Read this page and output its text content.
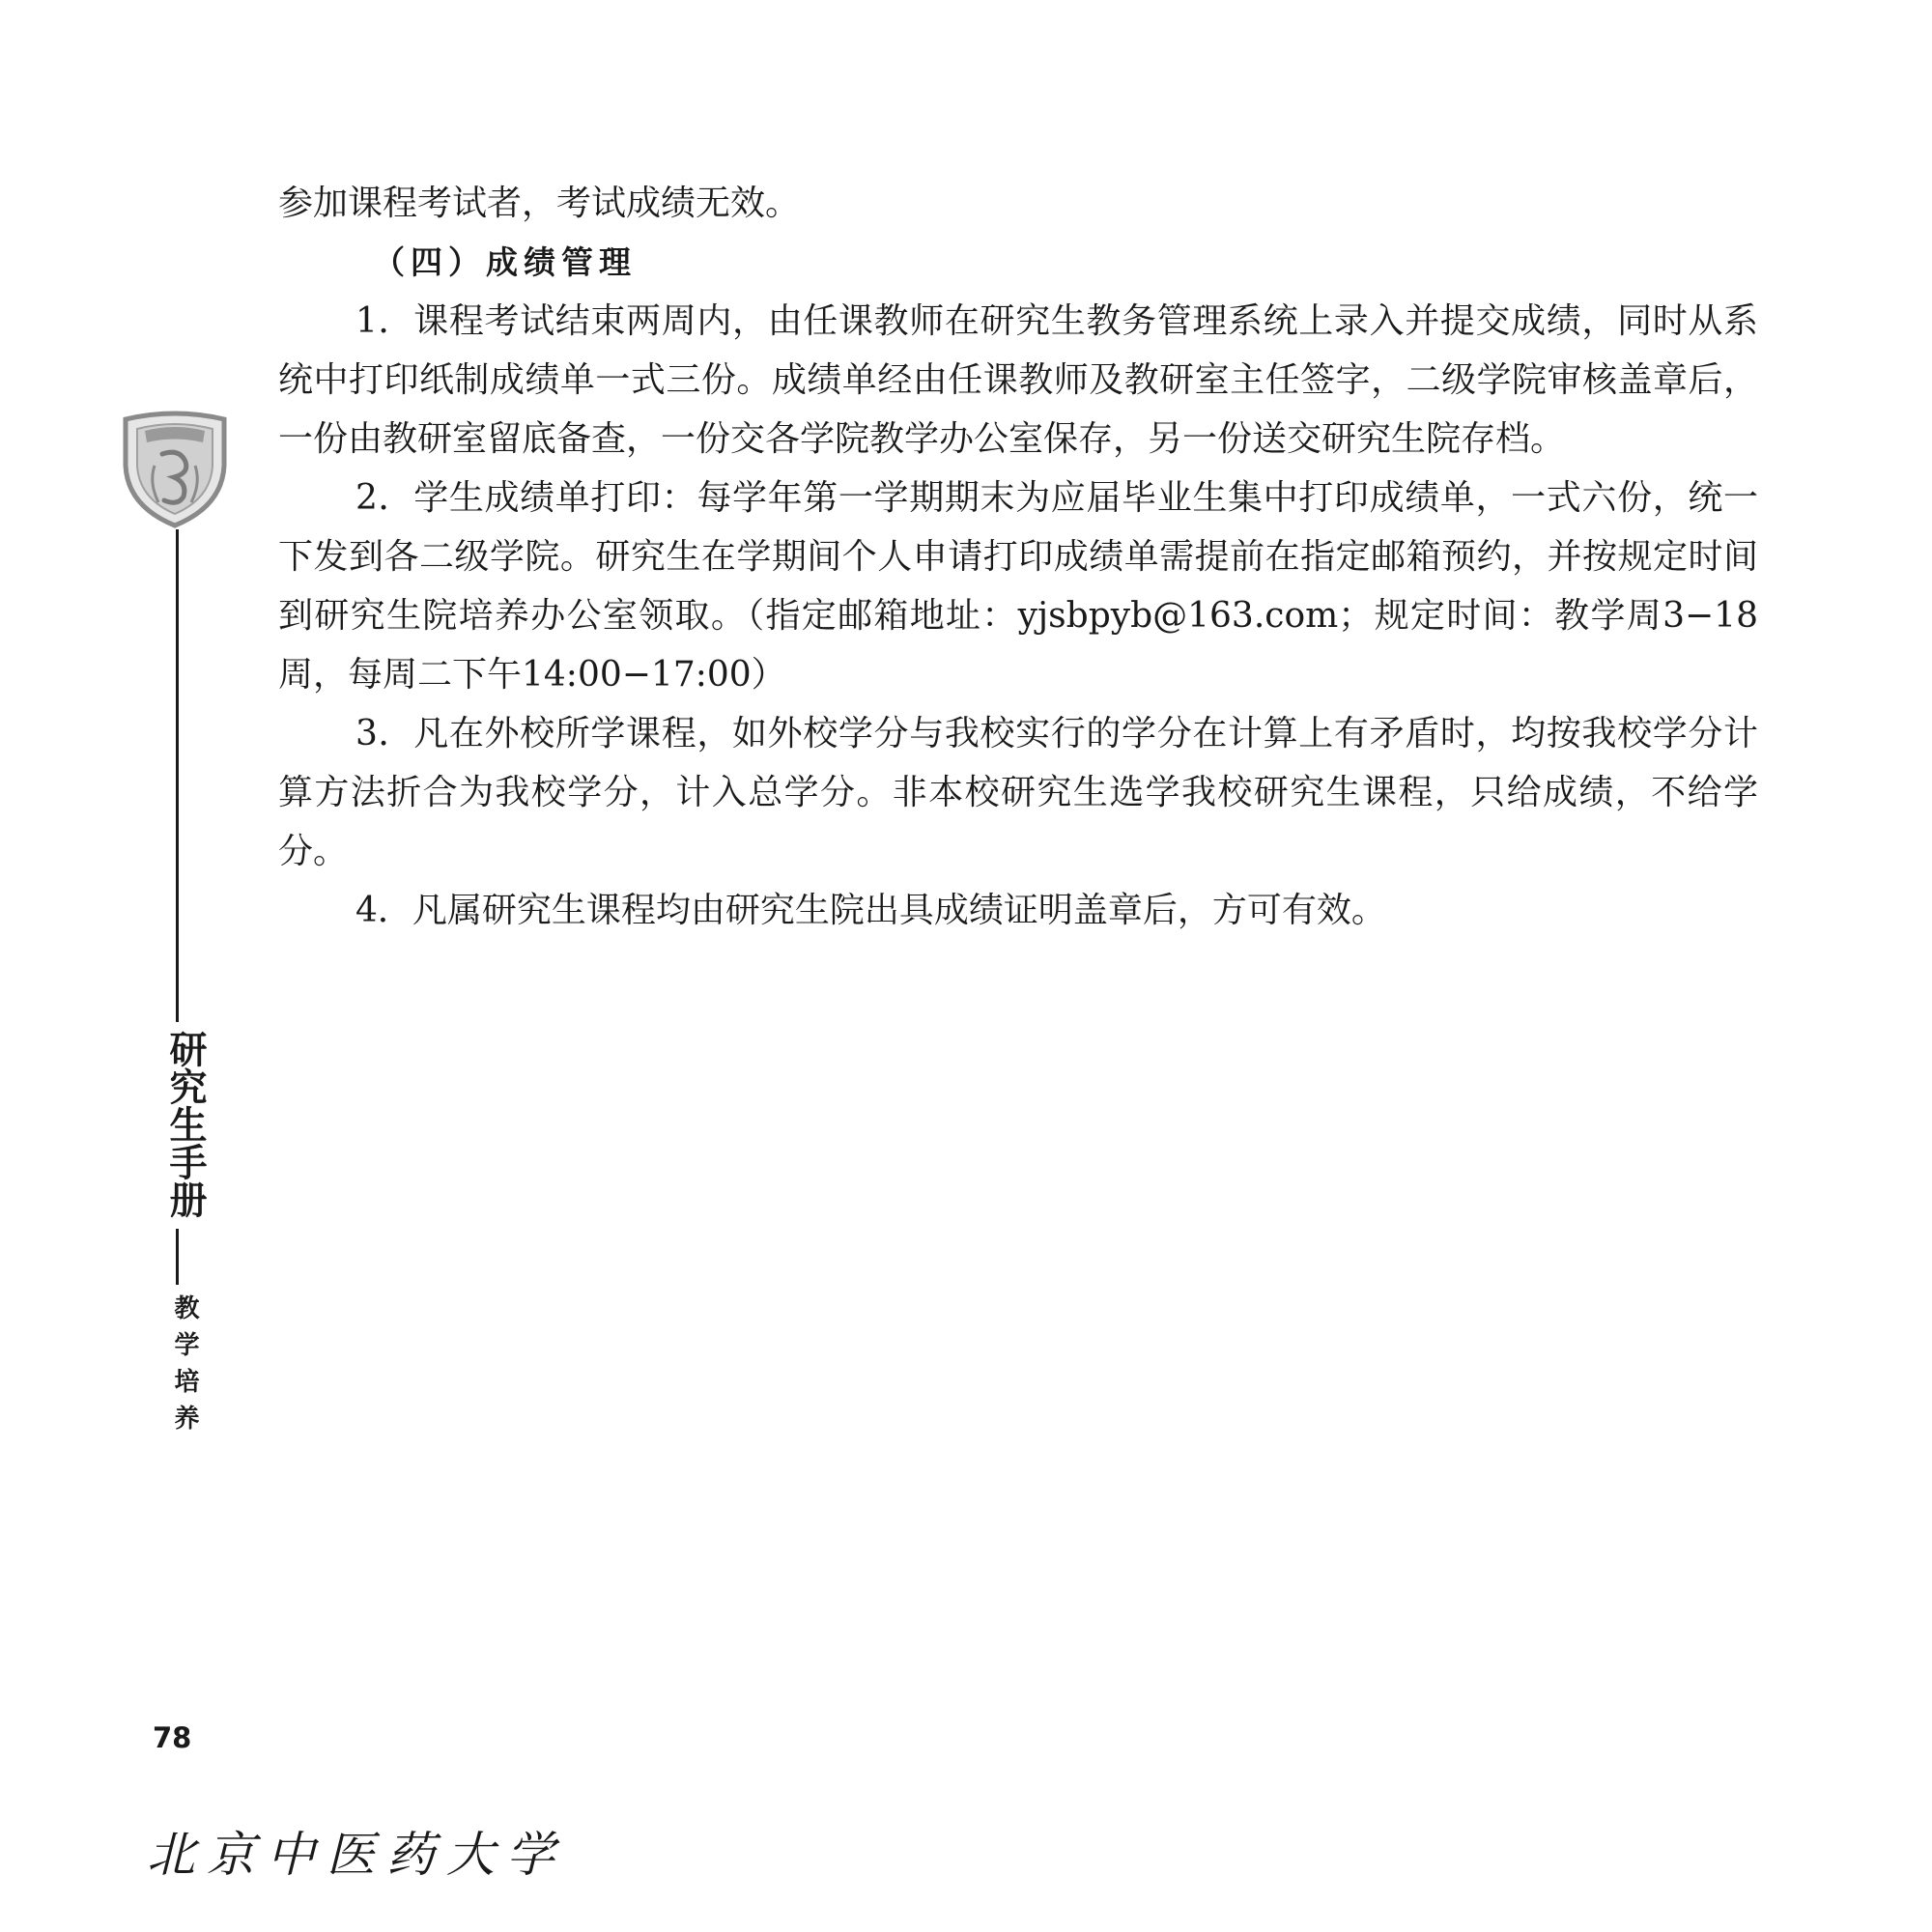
研究生手册
教学培养

参加课程考试者，考试成绩无效。

（四）成绩管理

1．课程考试结束两周内，由任课教师在研究生教务管理系统上录入并提交成绩，同时从系统中打印纸制成绩单一式三份。成绩单经由任课教师及教研室主任签字，二级学院审核盖章后，一份由教研室留底备查，一份交各学院教学办公室保存，另一份送交研究生院存档。

2．学生成绩单打印：每学年第一学期期末为应届毕业生集中打印成绩单，一式六份，统一下发到各二级学院。研究生在学期间个人申请打印成绩单需提前在指定邮箱预约，并按规定时间到研究生院培养办公室领取。（指定邮箱地址：yjsbpyb@163.com；规定时间：教学周3−18周，每周二下午14:00−17:00）

3．凡在外校所学课程，如外校学分与我校实行的学分在计算上有矛盾时，均按我校学分计算方法折合为我校学分，计入总学分。非本校研究生选学我校研究生课程，只给成绩，不给学分。

4．凡属研究生课程均由研究生院出具成绩证明盖章后，方可有效。

78
北京中医药大学
